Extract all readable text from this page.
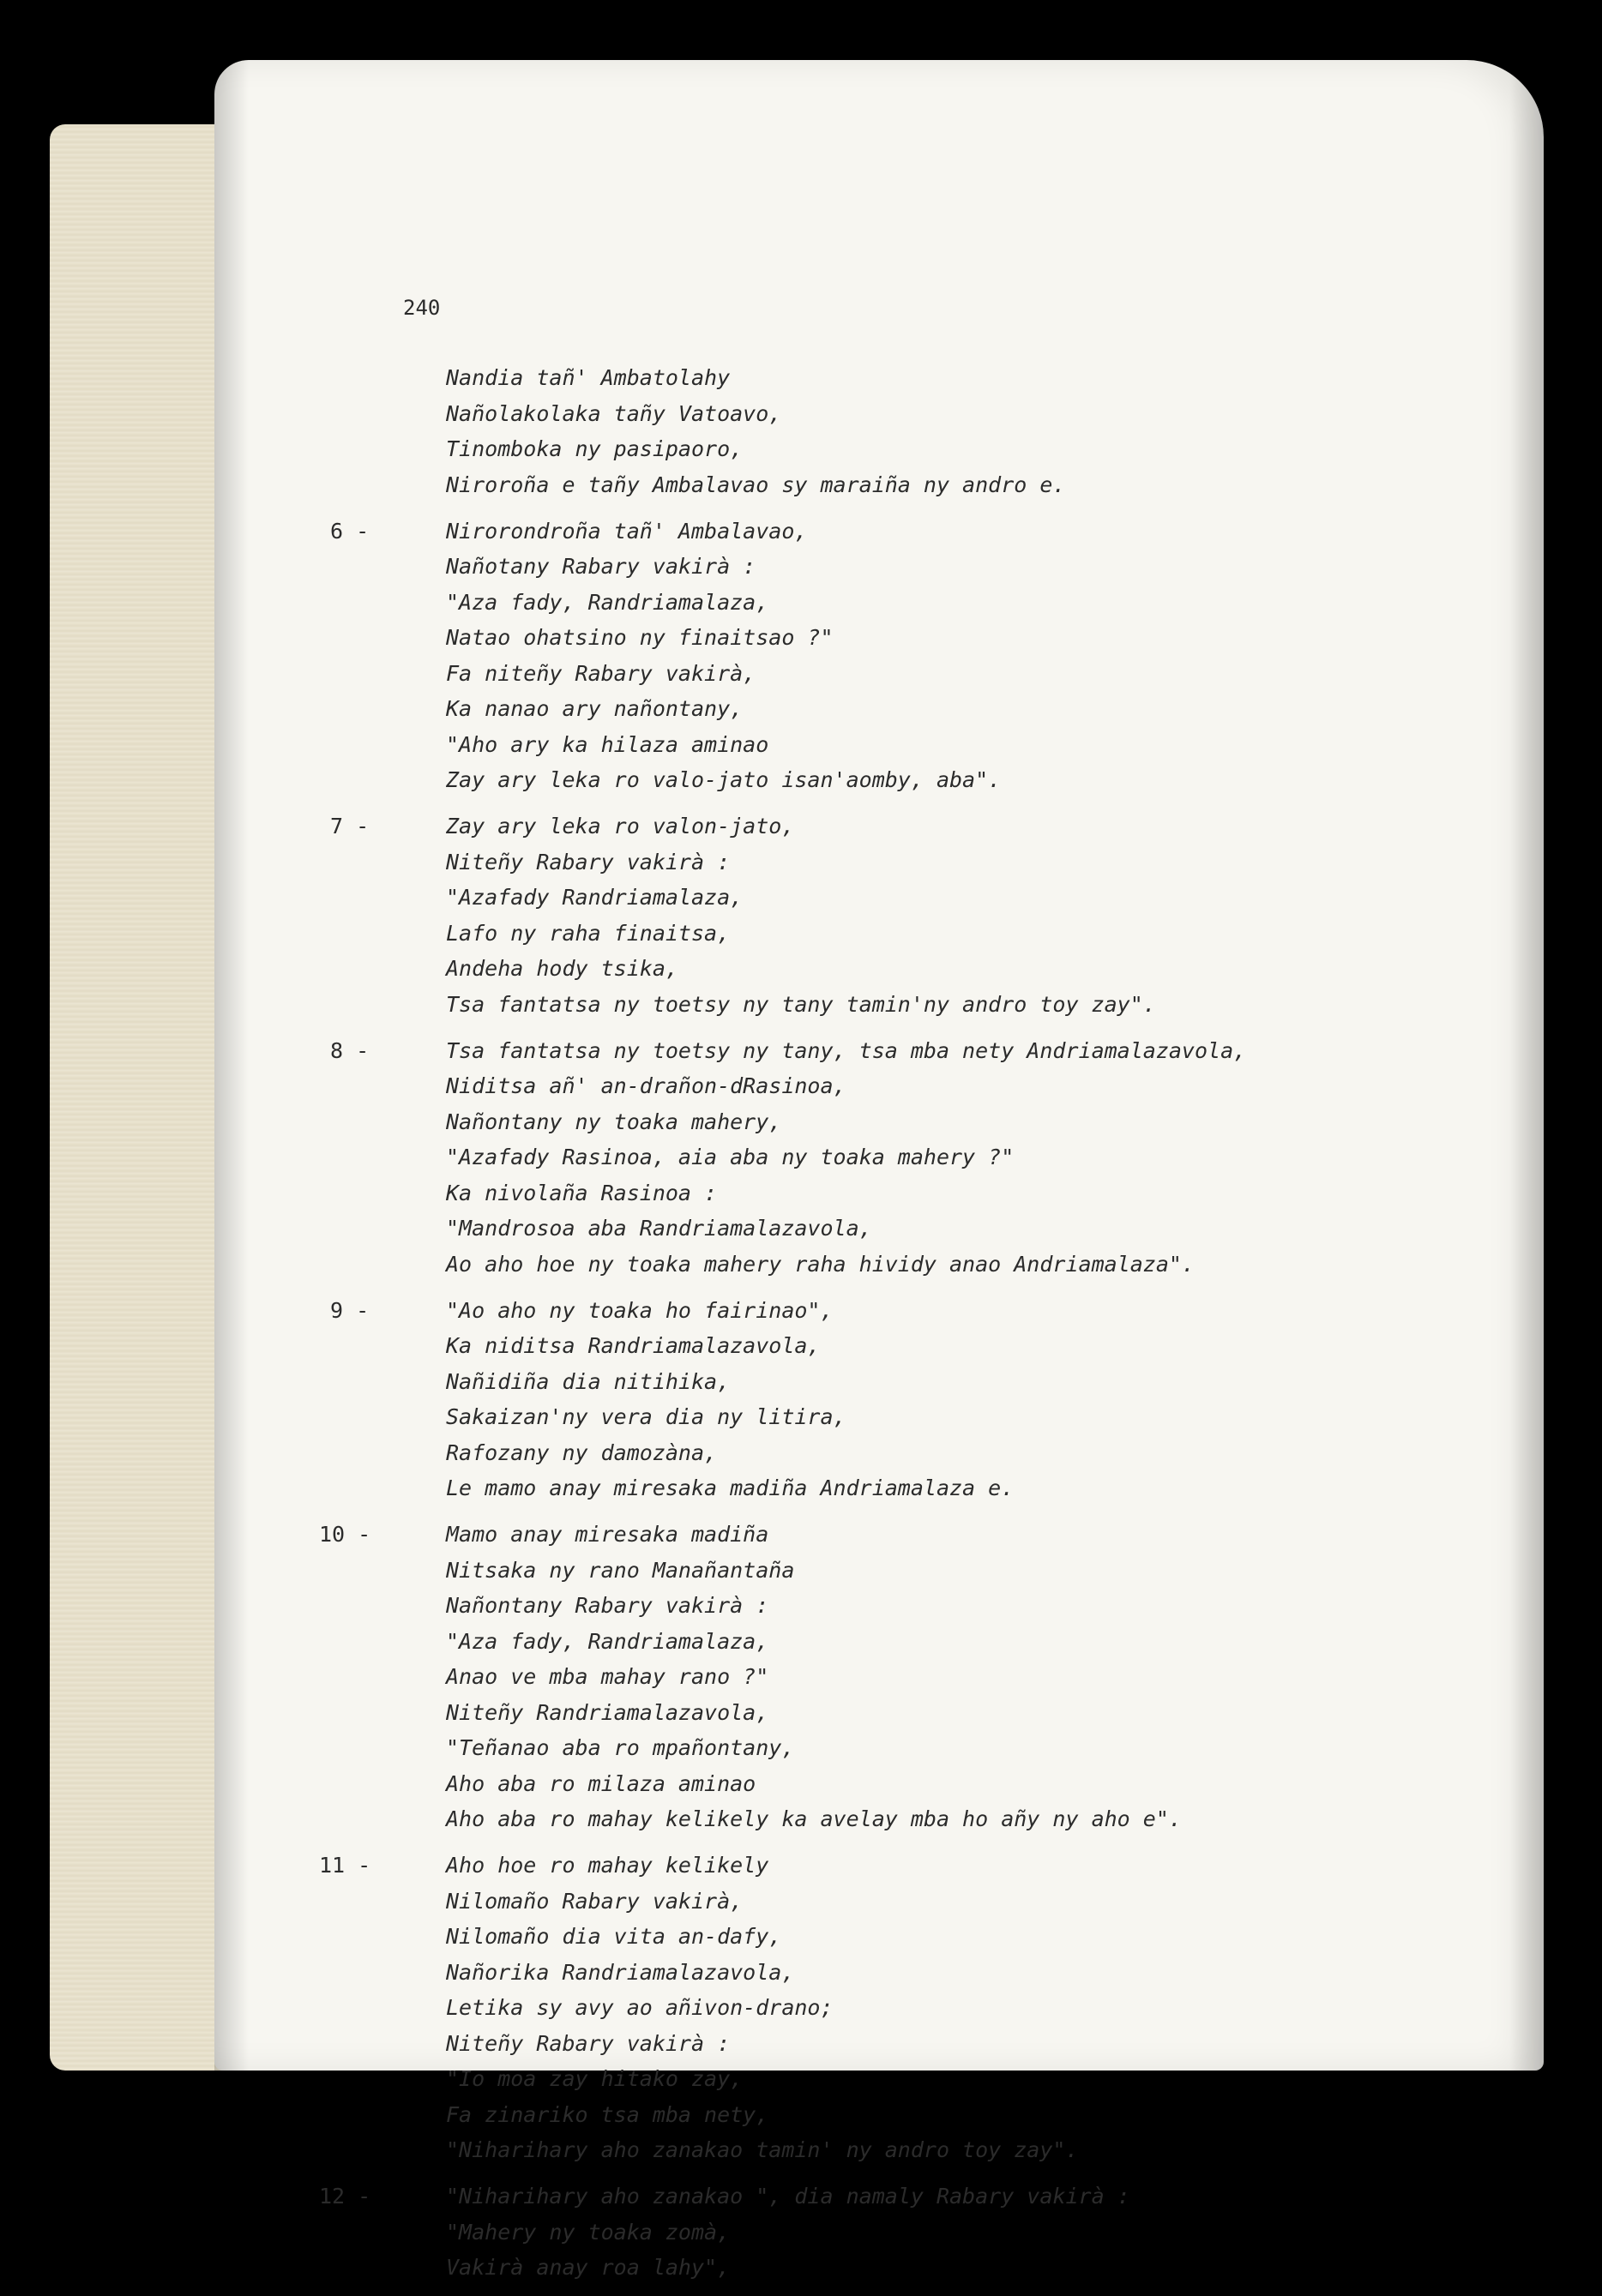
240
Nandia tañ' Ambatolahy
Nañolakolaka tañy Vatoavo,
Tinomboka ny pasipaoro,
Niroroña e tañy Ambalavao sy maraiña ny andro e.
6 -	Nirorondroña tañ' Ambalavao,
Nañotany Rabary vakirà :
"Aza fady, Randriamalaza,
Natao ohatsino ny finaitsao ?"
Fa niteñy Rabary vakirà,
Ka nanao ary nañontany,
"Aho ary ka hilaza aminao
Zay ary leka ro valo-jato isan'aomby, aba".
7 -	Zay ary leka ro valon-jato,
Niteñy Rabary vakirà :
"Azafady Randriamalaza,
Lafo ny raha finaitsa,
Andeha hody tsika,
Tsa fantatsa ny toetsy ny tany tamin'ny andro toy zay".
8 -	Tsa fantatsa ny toetsy ny tany, tsa mba nety Andriamalazavola,
Niditsa añ' an-drañon-dRasinoa,
Nañontany ny toaka mahery,
"Azafady Rasinoa, aia aba ny toaka mahery ?"
Ka nivolaña Rasinoa :
"Mandrosoa aba Randriamalazavola,
Ao aho hoe ny toaka mahery raha hividy anao Andriamalaza".
9 -	"Ao aho ny toaka ho fairinao",
Ka niditsa Randriamalazavola,
Nañidiña dia nitihika,
Sakaizan'ny vera dia ny litira,
Rafozany ny damozàna,
Le mamo anay miresaka madiña Andriamalaza e.
10 -	Mamo anay miresaka madiña
Nitsaka ny rano Manañantaña
Nañontany Rabary vakirà :
"Aza fady, Randriamalaza,
Anao ve mba mahay rano ?"
Niteñy Randriamalazavola,
"Teñanao aba ro mpañontany,
Aho aba ro milaza aminao
Aho aba ro mahay kelikely ka avelay mba ho añy ny aho e".
11 -	Aho hoe ro mahay kelikely
Nilomaño Rabary vakirà,
Nilomaño dia vita an-dafy,
Nañorika Randriamalazavola,
Letika sy avy ao añivon-drano;
Niteñy Rabary vakirà :
"Io moa zay hitako zay,
Fa zinariko tsa mba nety,
"Niharihary aho zanakao tamin' ny andro toy zay".
12 -	"Niharihary aho zanakao ", dia namaly Rabary vakirà :
"Mahery ny toaka zomà,
Vakirà anay roa lahy",
